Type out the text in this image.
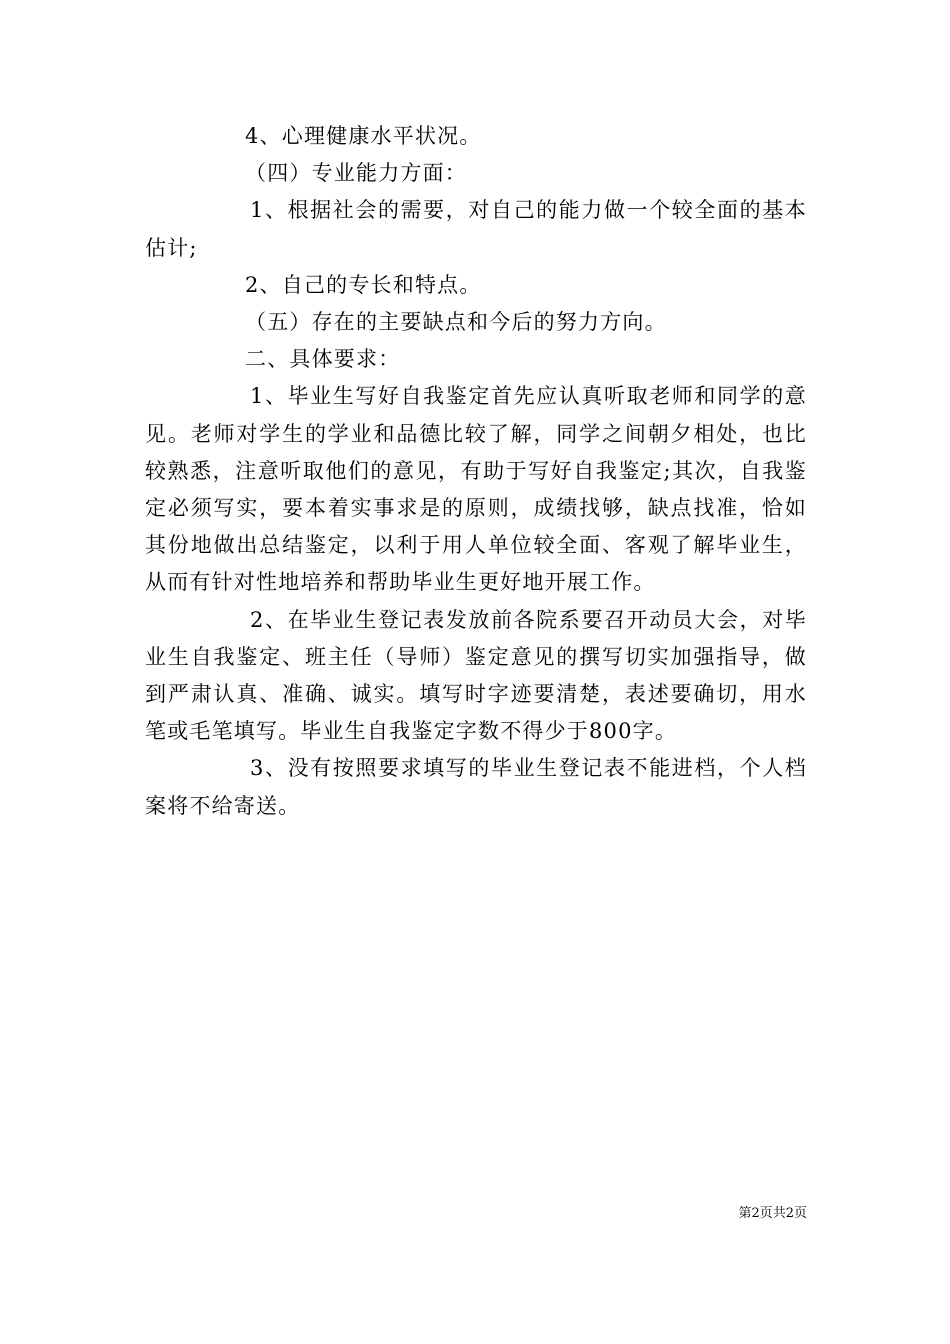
4、心理健康水平状况。

（四）专业能力方面：

1、根据社会的需要，对自己的能力做一个较全面的基本估计;

2、自己的专长和特点。

（五）存在的主要缺点和今后的努力方向。

二、具体要求：

1、毕业生写好自我鉴定首先应认真听取老师和同学的意见。老师对学生的学业和品德比较了解，同学之间朝夕相处，也比较熟悉，注意听取他们的意见，有助于写好自我鉴定;其次，自我鉴定必须写实，要本着实事求是的原则，成绩找够，缺点找准，恰如其份地做出总结鉴定，以利于用人单位较全面、客观了解毕业生，从而有针对性地培养和帮助毕业生更好地开展工作。

2、在毕业生登记表发放前各院系要召开动员大会，对毕业生自我鉴定、班主任（导师）鉴定意见的撰写切实加强指导，做到严肃认真、准确、诚实。填写时字迹要清楚，表述要确切，用水笔或毛笔填写。毕业生自我鉴定字数不得少于800字。

3、没有按照要求填写的毕业生登记表不能进档，个人档案将不给寄送。

第2页共2页
